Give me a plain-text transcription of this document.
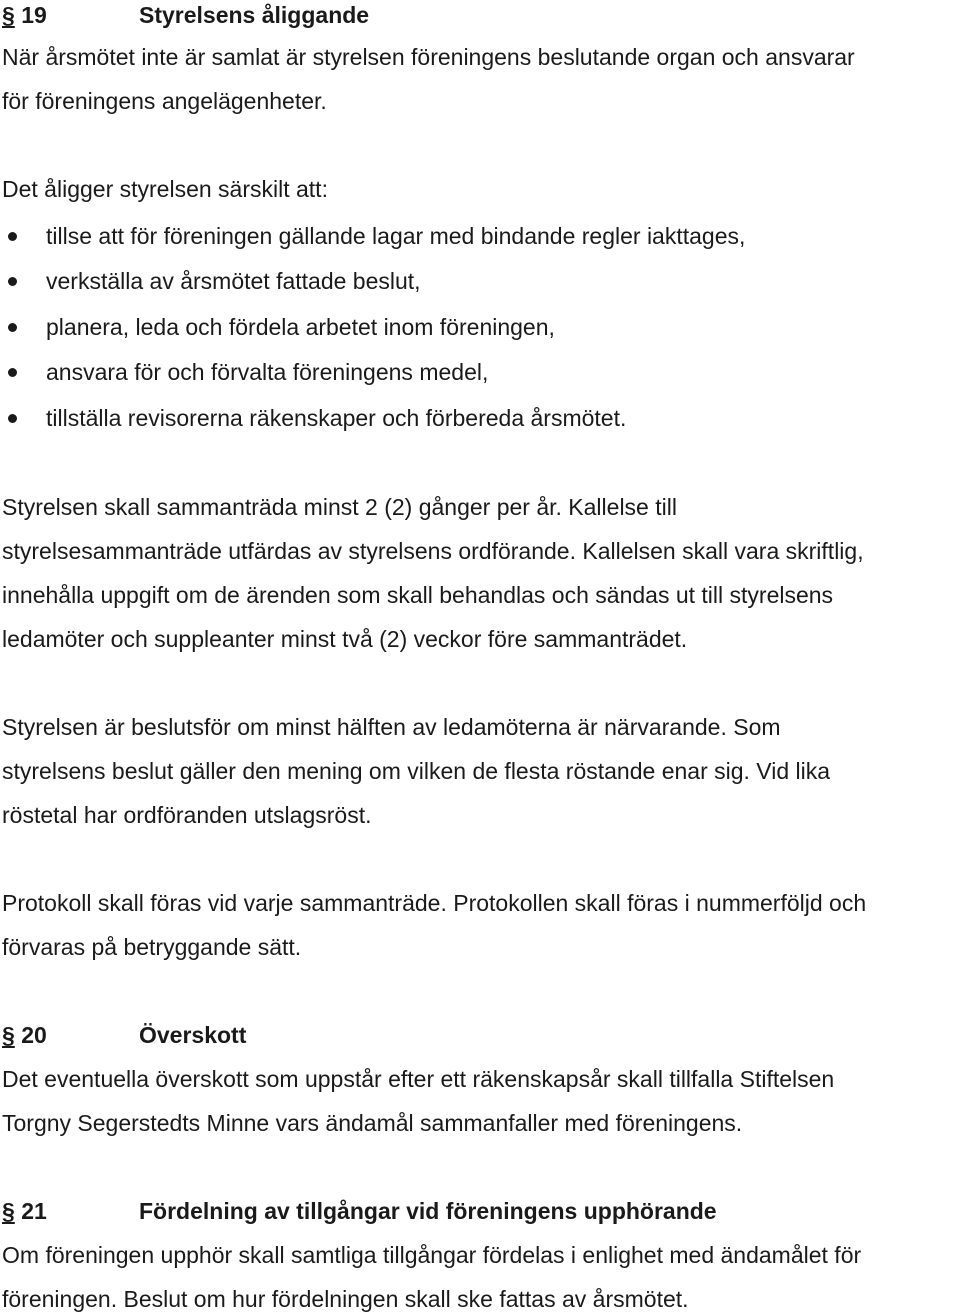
§ 19	Styrelsens åliggande
När årsmötet inte är samlat är styrelsen föreningens beslutande organ och ansvarar
för föreningens angelägenheter.
Det åligger styrelsen särskilt att:
tillse att för föreningen gällande lagar med bindande regler iakttages,
verkställa av årsmötet fattade beslut,
planera, leda och fördela arbetet inom föreningen,
ansvara för och förvalta föreningens medel,
tillställa revisorerna räkenskaper och förbereda årsmötet.
Styrelsen skall sammanträda minst 2 (2) gånger per år. Kallelse till
styrelsesammanträde utfärdas av styrelsens ordförande. Kallelsen skall vara skriftlig,
innehålla uppgift om de ärenden som skall behandlas och sändas ut till styrelsens
ledamöter och suppleanter minst två (2) veckor före sammanträdet.
Styrelsen är beslutsför om minst hälften av ledamöterna är närvarande. Som
styrelsens beslut gäller den mening om vilken de flesta röstande enar sig. Vid lika
röstetal har ordföranden utslagsröst.
Protokoll skall föras vid varje sammanträde. Protokollen skall föras i nummerföljd och
förvaras på betryggande sätt.
§ 20	Överskott
Det eventuella överskott som uppstår efter ett räkenskapsår skall tillfalla Stiftelsen
Torgny Segerstedts Minne vars ändamål sammanfaller med föreningens.
§ 21	Fördelning av tillgångar vid föreningens upphörande
Om föreningen upphör skall samtliga tillgångar fördelas i enlighet med ändamålet för
föreningen. Beslut om hur fördelningen skall ske fattas av årsmötet.
